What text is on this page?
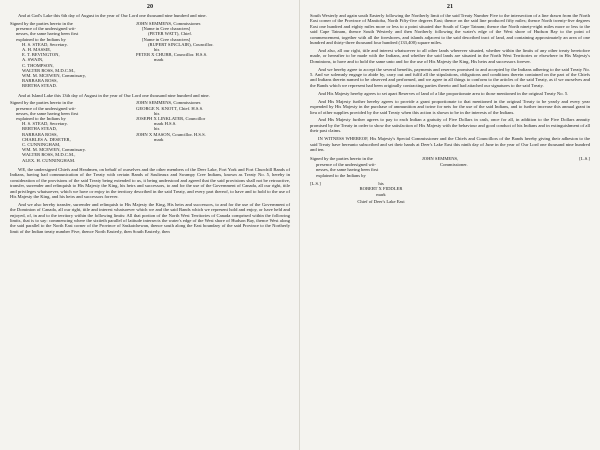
20

And at God's Lake this 6th day of August in the year of Our Lord one thousand nine hundred and nine.

Signed by the parties hereto in the
presence of the undersigned wit-
nesses, the same having been first
explained to the Indians by
H. S. STEAD, Secretary.
A. H. MASSIE,
E. T. BEVINGTON,
A. SWAIN,
C. THOMPSON,
WALTER ROSS, M.D.C.M.,
WM. M. MCEWEN, Commissary,
BARBARA ROSS,
BERTHA STEAD.
JOHN SEMMENS, Commissioner.
[Name in Cree characters]
(PETER WATT), Chief.
[Name in Cree characters]
(RUPERT SINCLAIR), Councillor.
his
PETER X CHUBB, Councillor. H.S.S.
mark

And at Island Lake this 13th day of August in the year of Our Lord one thousand nine hundred and nine.

Signed by the parties hereto in the
presence of the undersigned wit-
nesses, the same having been first
explained to the Indians by
H. S. STEAD, Secretary.
BERTHA STEAD,
BARBARA ROSS,
CHARLES A. DESETER,
C. CUNNINGHAM,
WM. M. MCEWEN, Commissary.
WALTER ROSS, M.D.C.M.,
ALEX. H. CUNNINGHAM.
JOHN SEMMENS, Commissioner.
GEORGE N. KNOTT, Chief. H.S.S.
his
JOSEPH X LINKLATER, Councillor
mark H.S.S.
his
JOHN X MASON, Councillor. H.S.S.
mark

WE, the undersigned Chiefs and Headmen, on behalf of ourselves and the other members of the Deer Lake, Fort York and Fort Churchill Bands of Indians, having had communication of the Treaty with certain Bands of Saulteaux and Swampy Cree Indians, known as Treaty No. 5, hereby in consideration of the provisions of the said Treaty being extended to us, it being understood and agreed that the said provisions shall not be retroactive, transfer, surrender and relinquish to His Majesty the King, his heirs and successors, to and for the use of the Government of Canada, all our right, title and privileges whatsoever, which we have or enjoy in the territory described in the said Treaty, and every part thereof, to have and to hold to the use of His Majesty the King, and his heirs and successors forever.

And we also hereby transfer, surrender and relinquish to His Majesty the King, His heirs and successors, to and for the use of the Government of the Dominion of Canada, all our right, title and interest whatsoever which we and the said Bands which we represent hold and enjoy, or have held and enjoyed, of, in and to the territory within the following limits: All that portion of the North West Territories of Canada comprised within the following limits, that is to say: commencing where the sixtieth parallel of latitude intersects the water's edge of the West shore of Hudson Bay, thence West along the said parallel to the North East corner of the Province of Saskatchewan, thence south along the East boundary of the said Province to the Northerly limit of the Indian treaty number Five, thence North Easterly, then South Easterly, then

21

South Westerly and again south Easterly following the Northerly limit of the said Treaty Number Five to the intersection of a line drawn from the North East corner of the Province of Manitoba, North Fifty-five degrees East; thence on the said line produced fifty miles; thence North twenty-five degrees East one hundred and eighty miles more or less to a point situated due South of Cape Tatnam; thence due North ninety-eight miles more or less to the said Cape Tatnam, thence South Westerly and then Northerly following the water's edge of the West shore of Hudson Bay to the point of commencement, together with all the foreshores, and islands adjacent to the said described tract of land, and containing approximately an area of one hundred and thirty-three thousand four hundred (133,400) square miles.

And also, all our right, title and interest whatsoever to all other lands wherever situated, whether within the limits of any other treaty heretofore made, or hereafter to be made with the Indians, and whether the said lands are situated in the North West Territories or elsewhere in His Majesty's Dominions, to have and to hold the same unto and for the use of His Majesty the King, His heirs and successors forever.

And we hereby agree to accept the several benefits, payments and reserves promised to and accepted by the Indians adhering to the said Treaty No. 5. And we solemnly engage to abide by, carry out and fulfil all the stipulations, obligations and conditions therein contained on the part of the Chiefs and Indians therein named to be observed and performed, and we agree in all things to conform to the articles of the said Treaty, as if we ourselves and the Bands which we represent had been originally contracting parties thereto and had attached our signatures to the said Treaty.

And His Majesty hereby agrees to set apart Reserves of land of a like proportionate area to those mentioned in the original Treaty No. 5.

And His Majesty further hereby agrees to provide a grant proportionate to that mentioned in the original Treaty to be yearly and every year expended by His Majesty in the purchase of ammunition and twine for nets for the use of the said Indians, and to further increase this annual grant in lieu of other supplies provided by the said Treaty when this action is shown to be in the interests of the Indians.

And His Majesty further agrees to pay to each Indian a gratuity of Five Dollars in cash, once for all, in addition to the Five Dollars annuity promised by the Treaty in order to show the satisfaction of His Majesty with the behaviour and good conduct of his Indians and in extinguishment of all their past claims.

IN WITNESS WHEREOF, His Majesty's Special Commissioner and the Chiefs and Councillors of the Bands hereby giving their adhesion to the said Treaty have hereunto subscribed and set their hands at Deer's Lake East this ninth day of June in the year of Our Lord one thousand nine hundred and ten.

Signed by the parties hereto in the
presence of the undersigned wit-
nesses, the same having been first
explained to the Indians by
JOHN SEMMENS,
Commissioner.
[L.S.]
[L.S.]	his
ROBERT X FIDDLER
mark
Chief of Deer's Lake East
